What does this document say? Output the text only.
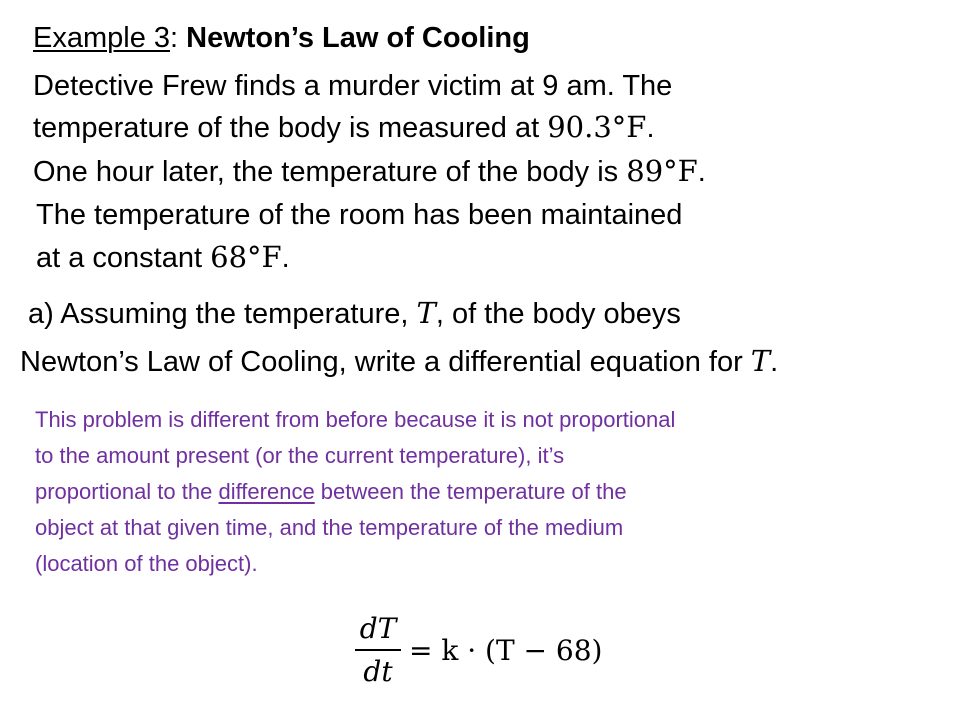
Example 3: Newton’s Law of Cooling
Detective Frew finds a murder victim at 9 am. The
temperature of the body is measured at 90.3°F.
One hour later, the temperature of the body is 89°F.
The temperature of the room has been maintained
at a constant 68°F.
a) Assuming the temperature, T, of the body obeys
Newton’s Law of Cooling, write a differential equation for T.
This problem is different from before because it is not proportional
to the amount present (or the current temperature), it’s
proportional to the difference between the temperature of the
object at that given time, and the temperature of the medium
(location of the object).
$\frac{dT}{dt} = k \cdot (T - 68)$
